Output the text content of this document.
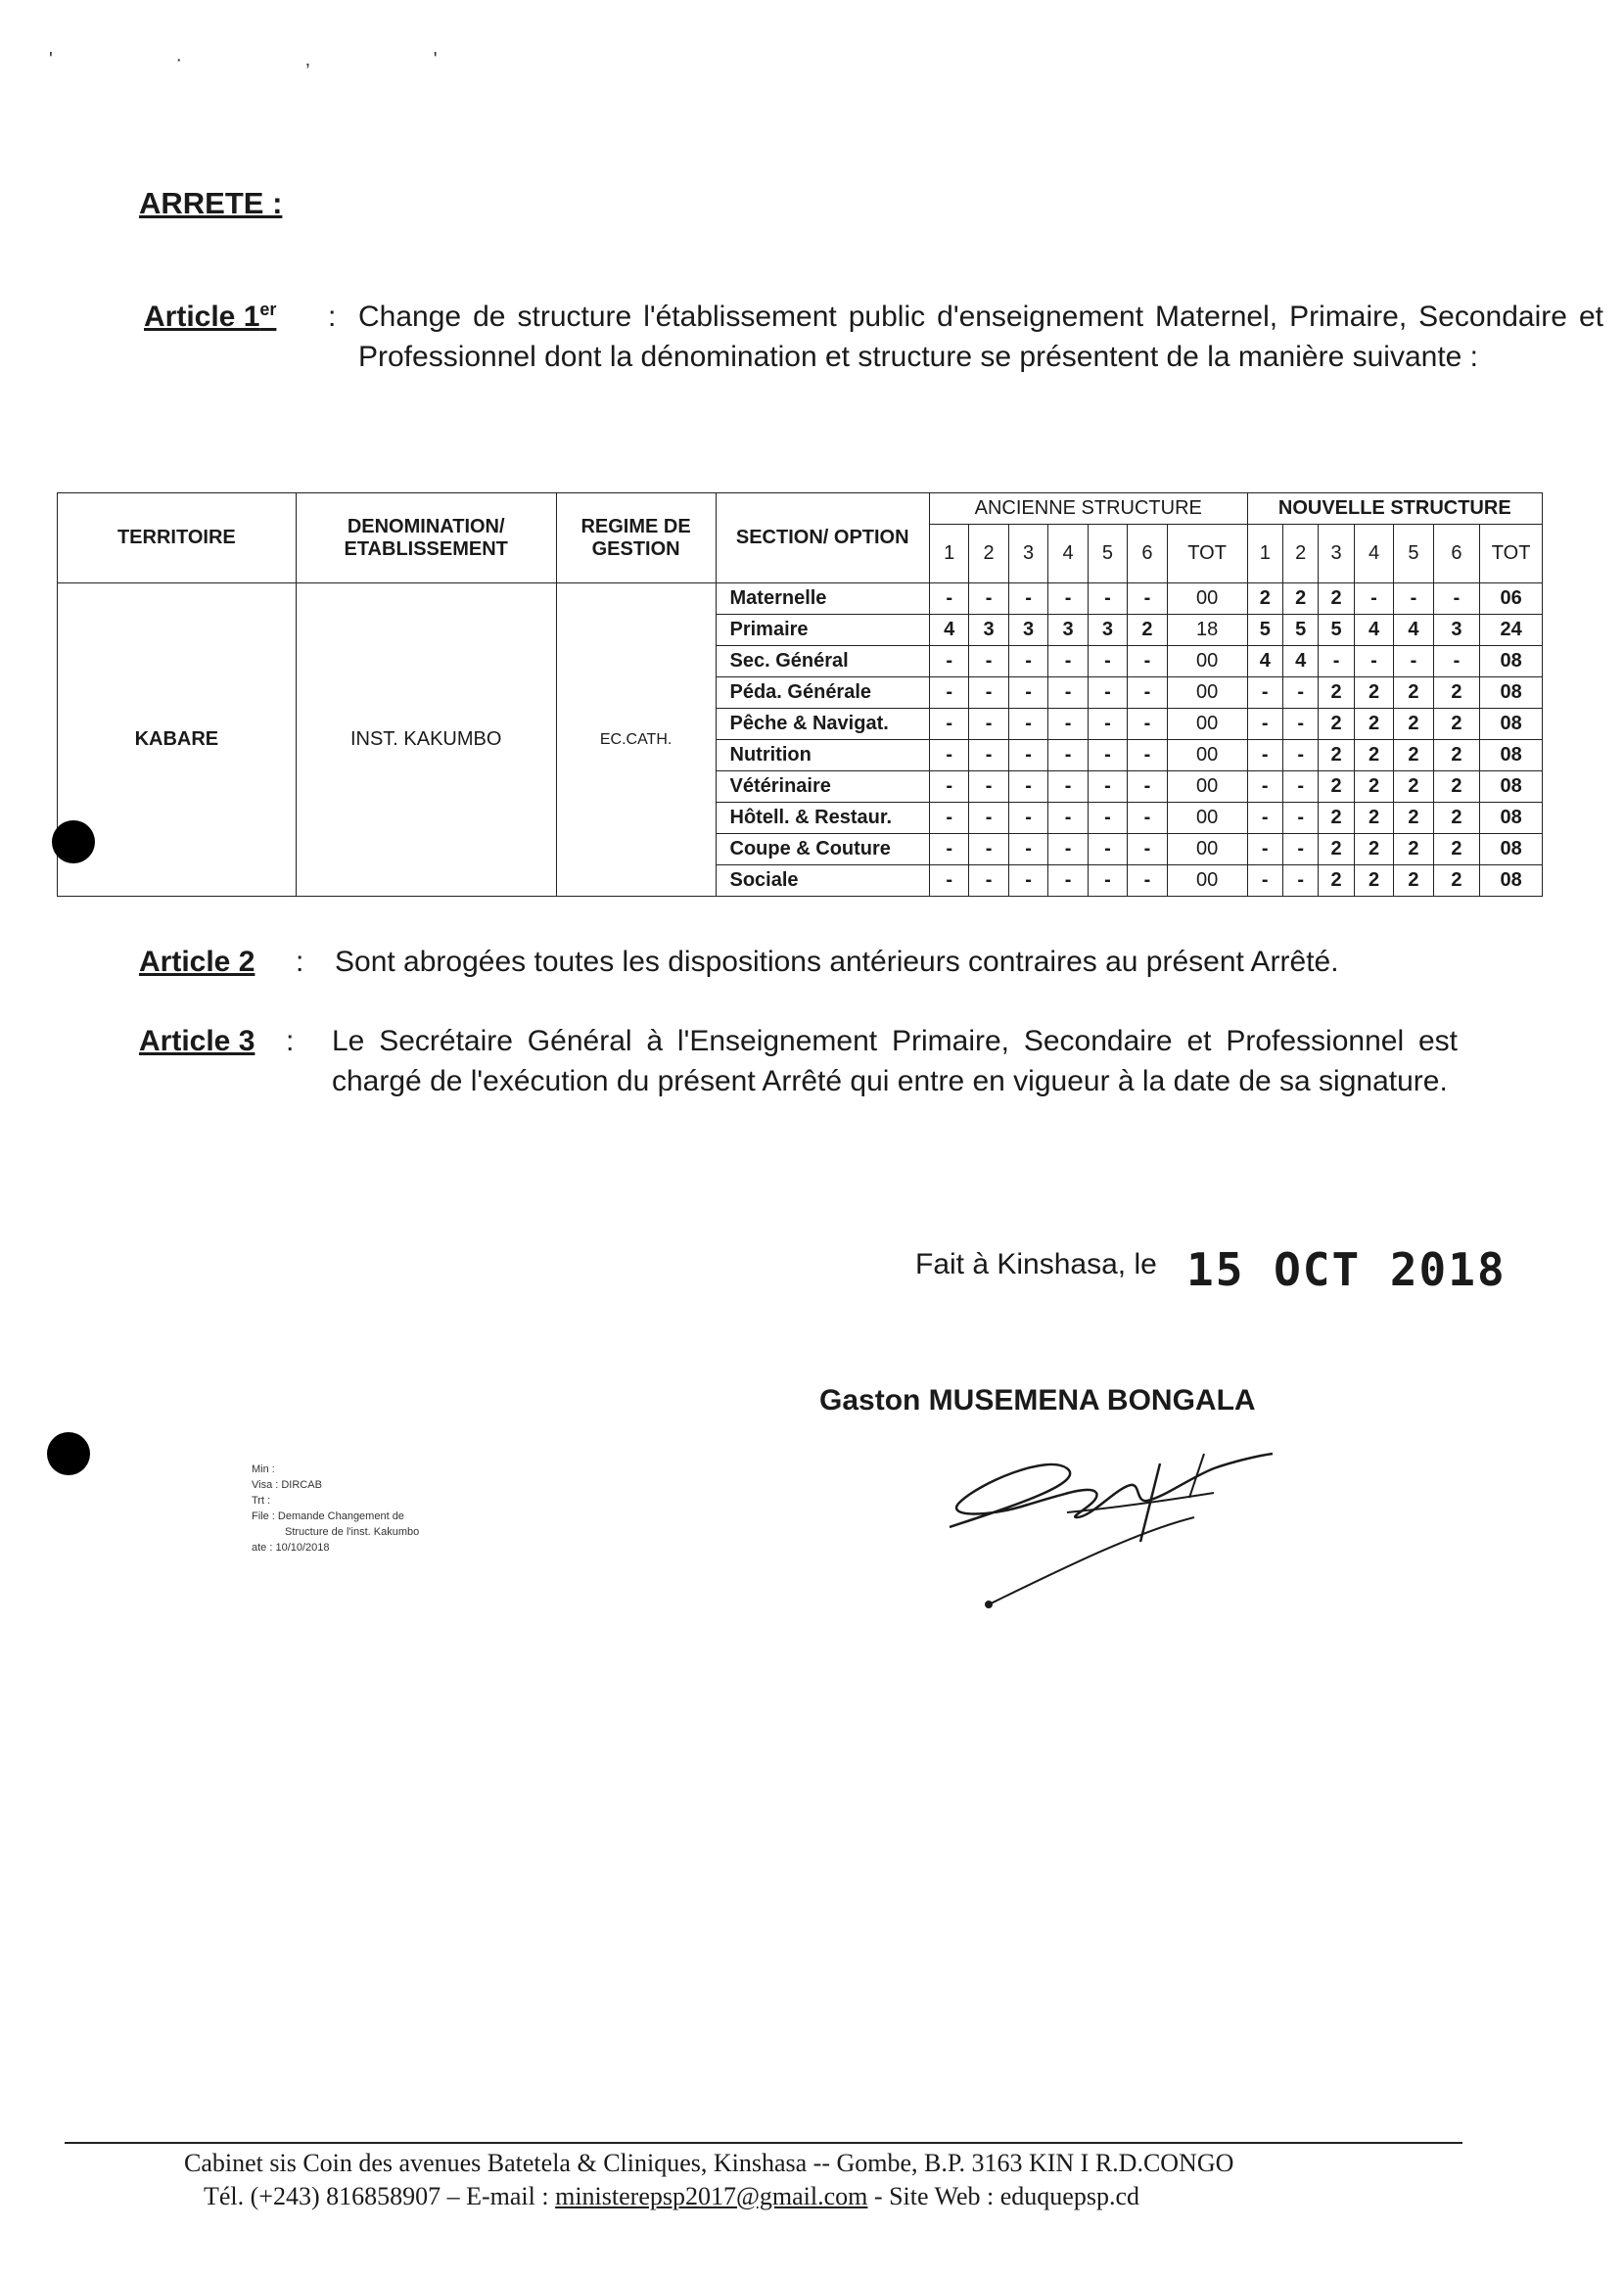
' · , '
ARRETE :
Article 1er : Change de structure l'établissement public d'enseignement Maternel, Primaire, Secondaire et Professionnel dont la dénomination et structure se présentent de la manière suivante :
TERRITOIRE	DENOMINATION/ ETABLISSEMENT	REGIME DE GESTION	SECTION/ OPTION	ANCIENNE STRUCTURE							NOUVELLE STRUCTURE						
				1	2	3	4	5	6	TOT	1	2	3	4	5	6	TOT
KABARE	INST. KAKUMBO	EC.CATH.	Maternelle	-	-	-	-	-	-	00	2	2	2	-	-	-	06
			Primaire	4	3	3	3	3	2	18	5	5	5	4	4	3	24
			Sec. Général	-	-	-	-	-	-	00	4	4	-	-	-	-	08
			Péda. Générale	-	-	-	-	-	-	00	-	-	2	2	2	2	08
			Pêche & Navigat.	-	-	-	-	-	-	00	-	-	2	2	2	2	08
			Nutrition	-	-	-	-	-	-	00	-	-	2	2	2	2	08
			Vétérinaire	-	-	-	-	-	-	00	-	-	2	2	2	2	08
			Hôtell. & Restaur.	-	-	-	-	-	-	00	-	-	2	2	2	2	08
			Coupe & Couture	-	-	-	-	-	-	00	-	-	2	2	2	2	08
			Sociale	-	-	-	-	-	-	00	-	-	2	2	2	2	08
Article 2 : Sont abrogées toutes les dispositions antérieurs contraires au présent Arrêté.
Article 3 : Le Secrétaire Général à l'Enseignement Primaire, Secondaire et Professionnel est chargé de l'exécution du présent Arrêté qui entre en vigueur à la date de sa signature.
Fait à Kinshasa, le 15 OCT 2018
Gaston MUSEMENA BONGALA
Min :
Visa : DIRCAB
Trt :
File : Demande Changement de
Structure de l'inst. Kakumbo
ate : 10/10/2018
Cabinet sis Coin des avenues Batetela & Cliniques, Kinshasa -- Gombe, B.P. 3163 KIN I R.D.CONGO
Tél. (+243) 816858907 – E-mail : ministerepsp2017@gmail.com - Site Web : eduquepsp.cd
